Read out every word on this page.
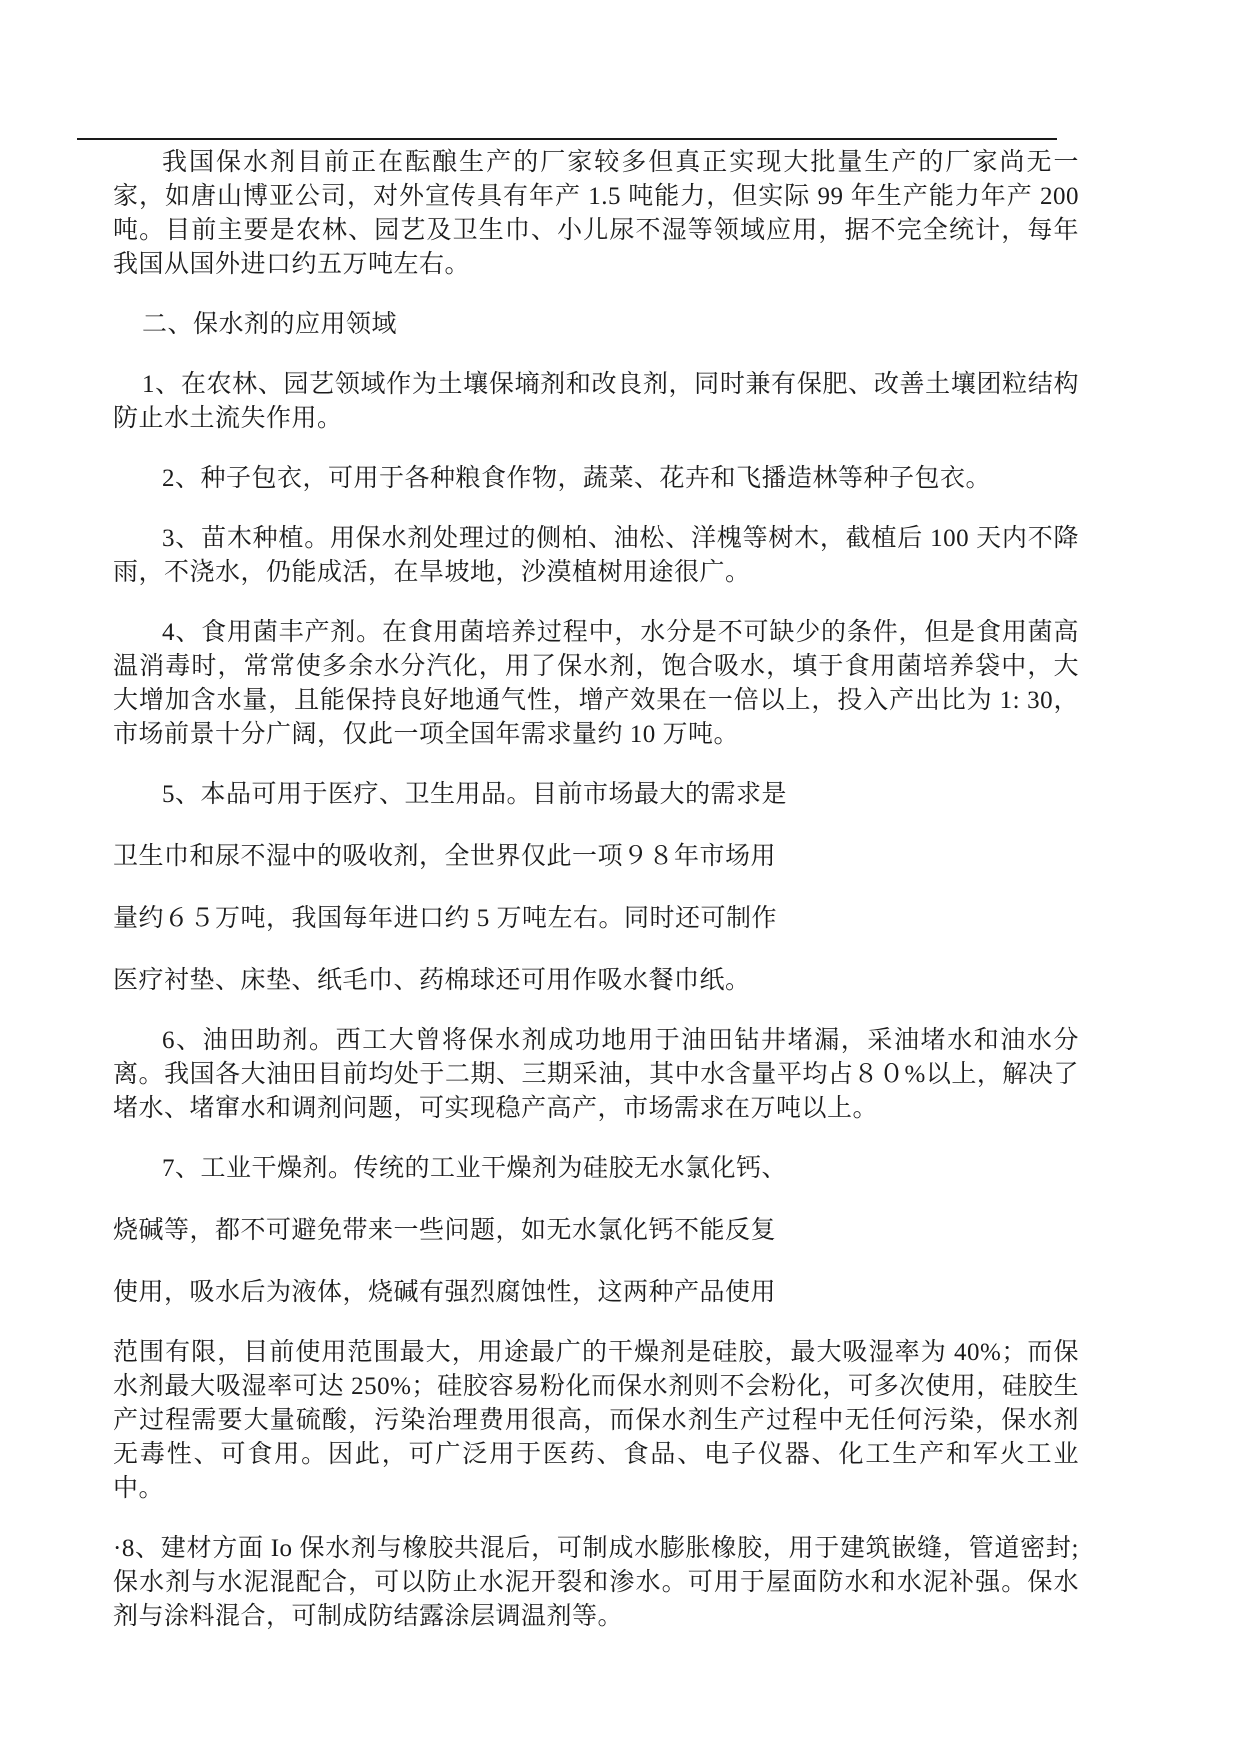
我国保水剂目前正在酝酿生产的厂家较多但真正实现大批量生产的厂家尚无一家，如唐山博亚公司，对外宣传具有年产 1.5 吨能力，但实际 99 年生产能力年产 200 吨。目前主要是农林、园艺及卫生巾、小儿尿不湿等领域应用，据不完全统计，每年我国从国外进口约五万吨左右。

二、保水剂的应用领域

1、在农林、园艺领域作为土壤保墒剂和改良剂，同时兼有保肥、改善土壤团粒结构防止水土流失作用。

2、种子包衣，可用于各种粮食作物，蔬菜、花卉和飞播造林等种子包衣。

3、苗木种植。用保水剂处理过的侧柏、油松、洋槐等树木，截植后 100 天内不降雨，不浇水，仍能成活，在旱坡地，沙漠植树用途很广。

4、食用菌丰产剂。在食用菌培养过程中，水分是不可缺少的条件，但是食用菌高温消毒时，常常使多余水分汽化，用了保水剂，饱合吸水，填于食用菌培养袋中，大大增加含水量，且能保持良好地通气性，增产效果在一倍以上，投入产出比为 1: 30，市场前景十分广阔，仅此一项全国年需求量约 10 万吨。

5、本品可用于医疗、卫生用品。目前市场最大的需求是

卫生巾和尿不湿中的吸收剂，全世界仅此一项９８年市场用

量约６５万吨，我国每年进口约 5 万吨左右。同时还可制作

医疗衬垫、床垫、纸毛巾、药棉球还可用作吸水餐巾纸。

6、油田助剂。西工大曾将保水剂成功地用于油田钻井堵漏，采油堵水和油水分离。我国各大油田目前均处于二期、三期采油，其中水含量平均占８０%以上，解决了堵水、堵窜水和调剂问题，可实现稳产高产，市场需求在万吨以上。

7、工业干燥剂。传统的工业干燥剂为硅胶无水氯化钙、

烧碱等，都不可避免带来一些问题，如无水氯化钙不能反复

使用，吸水后为液体，烧碱有强烈腐蚀性，这两种产品使用

范围有限，目前使用范围最大，用途最广的干燥剂是硅胶，最大吸湿率为 40%；而保水剂最大吸湿率可达 250%；硅胶容易粉化而保水剂则不会粉化，可多次使用，硅胶生产过程需要大量硫酸，污染治理费用很高，而保水剂生产过程中无任何污染，保水剂无毒性、可食用。因此，可广泛用于医药、食品、电子仪器、化工生产和军火工业中。

·8、建材方面 Io 保水剂与橡胶共混后，可制成水膨胀橡胶，用于建筑嵌缝，管道密封; 保水剂与水泥混配合，可以防止水泥开裂和渗水。可用于屋面防水和水泥补强。保水剂与涂料混合，可制成防结露涂层调温剂等。
